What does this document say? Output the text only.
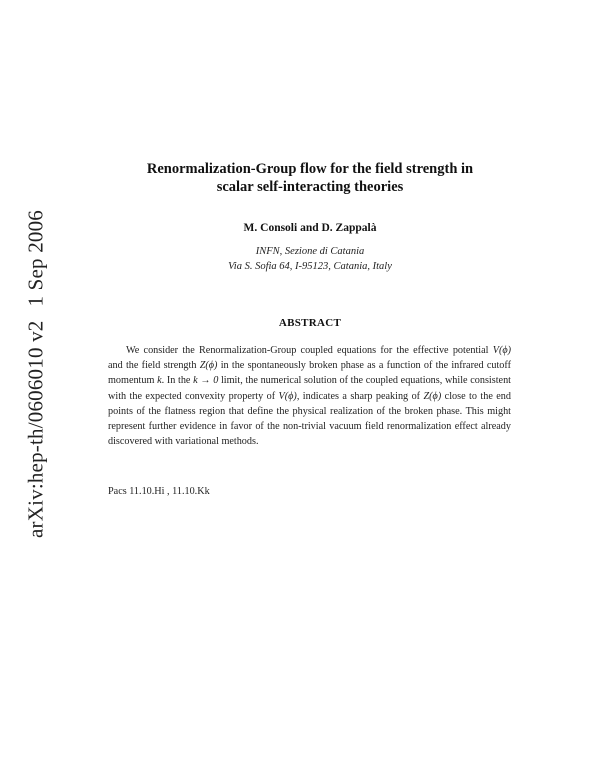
arXiv:hep-th/0606010 v21 Sep 2006
Renormalization-Group flow for the field strength in
scalar self-interacting theories
M. Consoli and D. Zappalà
INFN, Sezione di Catania
Via S. Sofia 64, I-95123, Catania, Italy
ABSTRACT
We consider the Renormalization-Group coupled equations for the effective potential V(ϕ) and the field strength Z(ϕ) in the spontaneously broken phase as a function of the infrared cutoff momentum k. In the k → 0 limit, the numerical solution of the coupled equations, while consistent with the expected convexity property of V(ϕ), indicates a sharp peaking of Z(ϕ) close to the end points of the flatness region that define the physical realization of the broken phase. This might represent further evidence in favor of the non-trivial vacuum field renormalization effect already discovered with variational methods.
Pacs 11.10.Hi , 11.10.Kk
